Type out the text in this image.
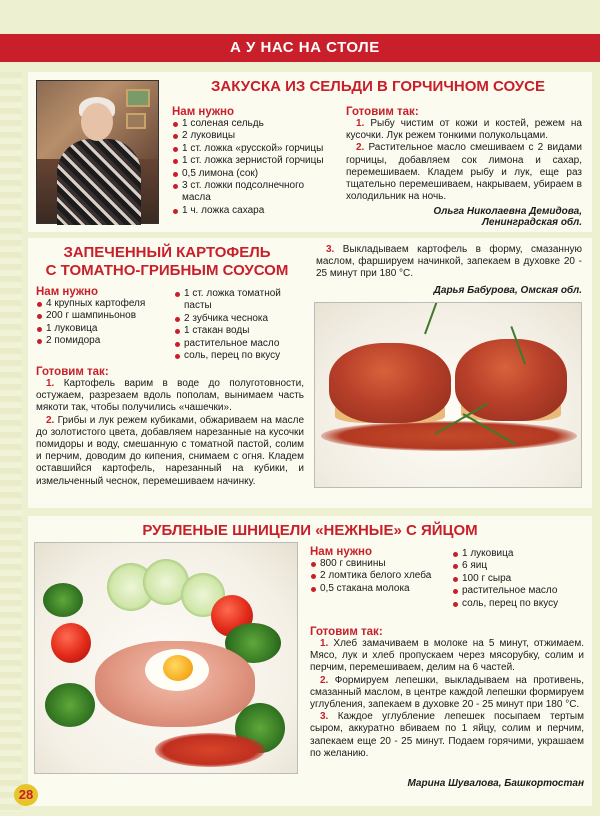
А У НАС НА СТОЛЕ
ЗАКУСКА ИЗ СЕЛЬДИ В ГОРЧИЧНОМ СОУСЕ
Нам нужно
1 соленая сельдь
2 луковицы
1 ст. ложка «русской» горчицы
1 ст. ложка зернистой горчицы
0,5 лимона (сок)
3 ст. ложки подсолнечного масла
1 ч. ложка сахара
Готовим так:

1. Рыбу чистим от кожи и костей, режем на кусочки. Лук режем тонкими полукольцами.

2. Растительное масло смешиваем с 2 видами горчицы, добавляем сок лимона и сахар, перемешиваем. Кладем рыбу и лук, еще раз тщательно перемешиваем, накрываем, убираем в холодильник на ночь.

Ольга Николаевна Демидова,
Ленинградская обл.
ЗАПЕЧЕННЫЙ КАРТОФЕЛЬ
С ТОМАТНО-ГРИБНЫМ СОУСОМ
Нам нужно
4 крупных картофеля
200 г шампиньонов
1 луковица
2 помидора
1 ст. ложка томатной пасты
2 зубчика чеснока
1 стакан воды
растительное масло
соль, перец по вкусу
Готовим так:

1. Картофель варим в воде до полуготовности, остужаем, разрезаем вдоль пополам, вынимаем часть мякоти так, чтобы получились «чашечки».

2. Грибы и лук режем кубиками, обжариваем на масле до золотистого цвета, добавляем нарезанные на кусочки помидоры и воду, смешанную с томатной пастой, солим и перчим, доводим до кипения, снимаем с огня. Кладем оставшийся картофель, нарезанный на кубики, и измельченный чеснок, перемешиваем начинку.

3. Выкладываем картофель в форму, смазанную маслом, фаршируем начинкой, запекаем в духовке 20 - 25 минут при 180 °С.

Дарья Бабурова, Омская обл.
РУБЛЕНЫЕ ШНИЦЕЛИ «НЕЖНЫЕ» С ЯЙЦОМ
Нам нужно
800 г свинины
2 ломтика белого хлеба
0,5 стакана молока
1 луковица
6 яиц
100 г сыра
растительное масло
соль, перец по вкусу
Готовим так:

1. Хлеб замачиваем в молоке на 5 минут, отжимаем. Мясо, лук и хлеб пропускаем через мясорубку, солим и перчим, перемешиваем, делим на 6 частей.

2. Формируем лепешки, выкладываем на противень, смазанный маслом, в центре каждой лепешки формируем углубления, запекаем в духовке 20 - 25 минут при 180 °С.

3. Каждое углубление лепешек посыпаем тертым сыром, аккуратно вбиваем по 1 яйцу, солим и перчим, запекаем еще 20 - 25 минут. Подаем горячими, украшаем по желанию.

Марина Шувалова, Башкортостан
28
